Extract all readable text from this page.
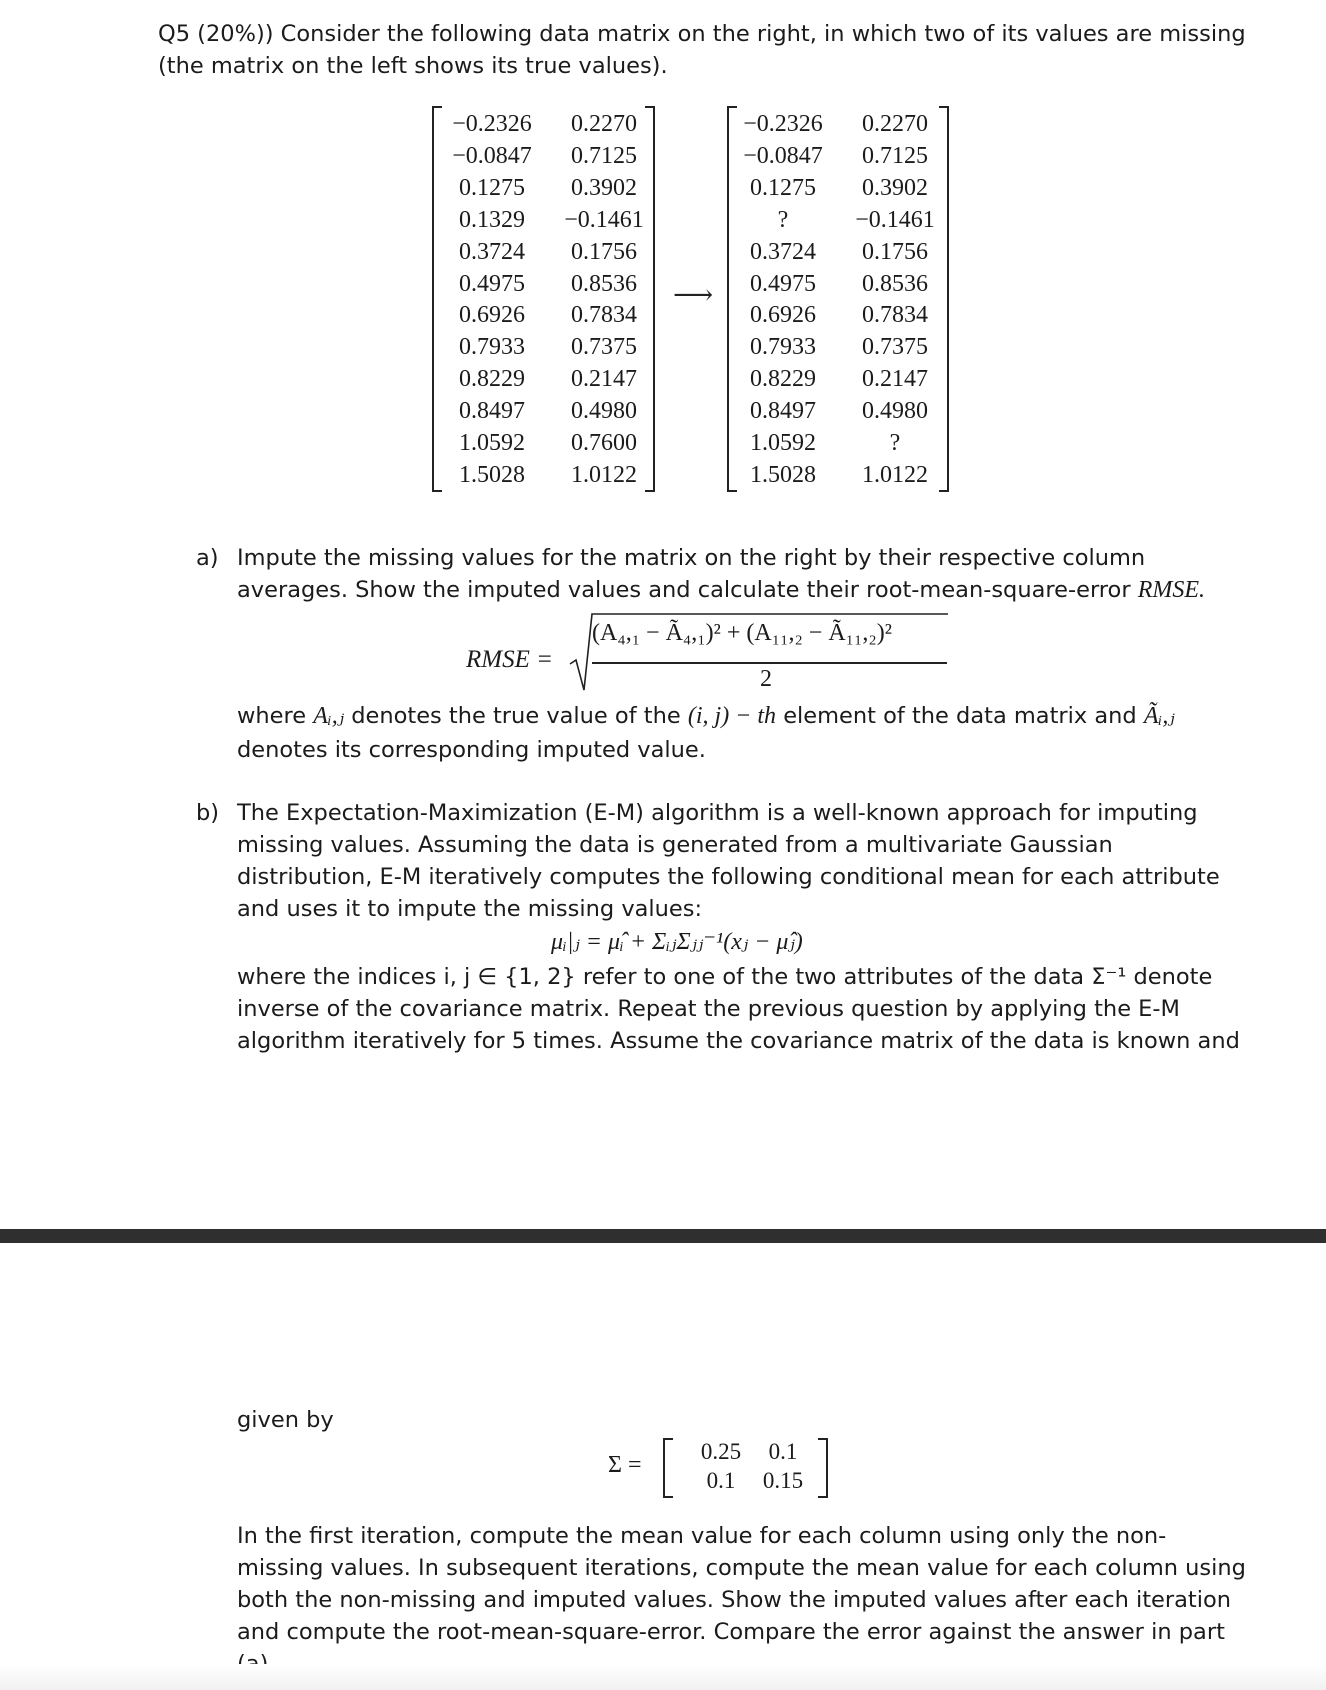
Q5 (20%)) Consider the following data matrix on the right, in which two of its values are missing
(the matrix on the left shows its true values).
−0.2326	0.2270
−0.0847	0.7125
0.1275	0.3902
0.1329	−0.1461
0.3724	0.1756
0.4975	0.8536
0.6926	0.7834
0.7933	0.7375
0.8229	0.2147
0.8497	0.4980
1.0592	0.7600
1.5028	1.0122
⟶
−0.2326	0.2270
−0.0847	0.7125
0.1275	0.3902
?	−0.1461
0.3724	0.1756
0.4975	0.8536
0.6926	0.7834
0.7933	0.7375
0.8229	0.2147
0.8497	0.4980
1.0592	?
1.5028	1.0122
a) Impute the missing values for the matrix on the right by their respective column
averages. Show the imputed values and calculate their root-mean-square-error RMSE.
RMSE =
(A₄,₁ − Ã₄,₁)² + (A₁₁,₂ − Ã₁₁,₂)²
2
where Aᵢ,ⱼ denotes the true value of the (i, j) − th element of the data matrix and Ãᵢ,ⱼ
denotes its corresponding imputed value.
b) The Expectation-Maximization (E-M) algorithm is a well-known approach for imputing
missing values. Assuming the data is generated from a multivariate Gaussian
distribution, E-M iteratively computes the following conditional mean for each attribute
and uses it to impute the missing values:
μᵢ|ⱼ = μ̂ᵢ + ΣᵢⱼΣⱼⱼ⁻¹(xⱼ − μ̂ⱼ)
where the indices i, j ∈ {1, 2} refer to one of the two attributes of the data Σ⁻¹ denote
inverse of the covariance matrix. Repeat the previous question by applying the E-M
algorithm iteratively for 5 times. Assume the covariance matrix of the data is known and
given by
Σ =
0.25	0.1
0.1	0.15
In the first iteration, compute the mean value for each column using only the non-
missing values. In subsequent iterations, compute the mean value for each column using
both the non-missing and imputed values. Show the imputed values after each iteration
and compute the root-mean-square-error. Compare the error against the answer in part
